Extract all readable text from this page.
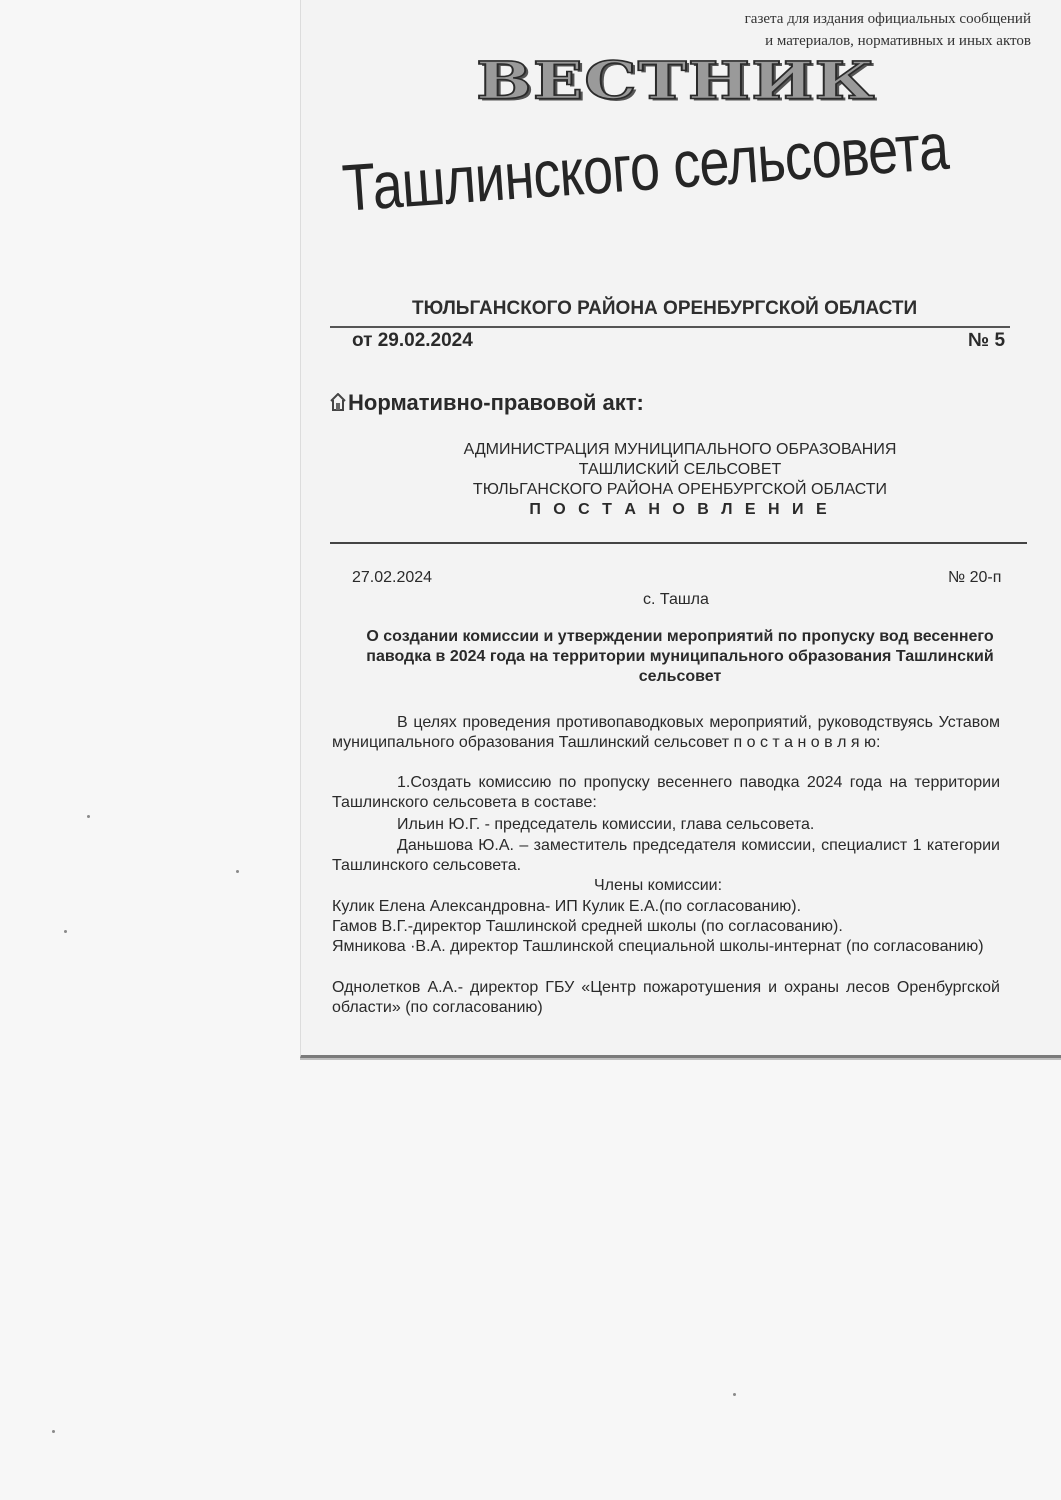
газета для издания официальных сообщений
и материалов, нормативных и иных актов
ВЕСТНИК
Ташлинского сельсовета
ТЮЛЬГАНСКОГО РАЙОНА ОРЕНБУРГСКОЙ ОБЛАСТИ
от 29.02.2024	№ 5
Нормативно-правовой акт:
АДМИНИСТРАЦИЯ МУНИЦИПАЛЬНОГО ОБРАЗОВАНИЯ
ТАШЛИСКИЙ СЕЛЬСОВЕТ
ТЮЛЬГАНСКОГО РАЙОНА ОРЕНБУРГСКОЙ ОБЛАСТИ
П О С Т А Н О В Л Е Н И Е
27.02.2024	№ 20-п
с. Ташла
О создании комиссии и утверждении мероприятий по пропуску вод весеннего паводка в 2024 года на территории муниципального образования Ташлинский сельсовет
В целях проведения противопаводковых мероприятий, руководствуясь Уставом муниципального образования Ташлинский сельсовет п о с т а н о в л я ю:
1.Создать комиссию по пропуску весеннего паводка 2024 года на территории Ташлинского сельсовета в составе:
Ильин Ю.Г. - председатель комиссии, глава сельсовета.
Даньшова Ю.А. – заместитель председателя комиссии, специалист 1 категории Ташлинского сельсовета.
Члены комиссии:
Кулик Елена Александровна- ИП Кулик Е.А.(по согласованию).
Гамов В.Г.-директор Ташлинской средней школы (по согласованию).
Ямникова ·В.А. директор Ташлинской специальной школы-интернат (по согласованию)
Однолетков А.А.- директор ГБУ «Центр пожаротушения и охраны лесов Оренбургской области» (по согласованию)
